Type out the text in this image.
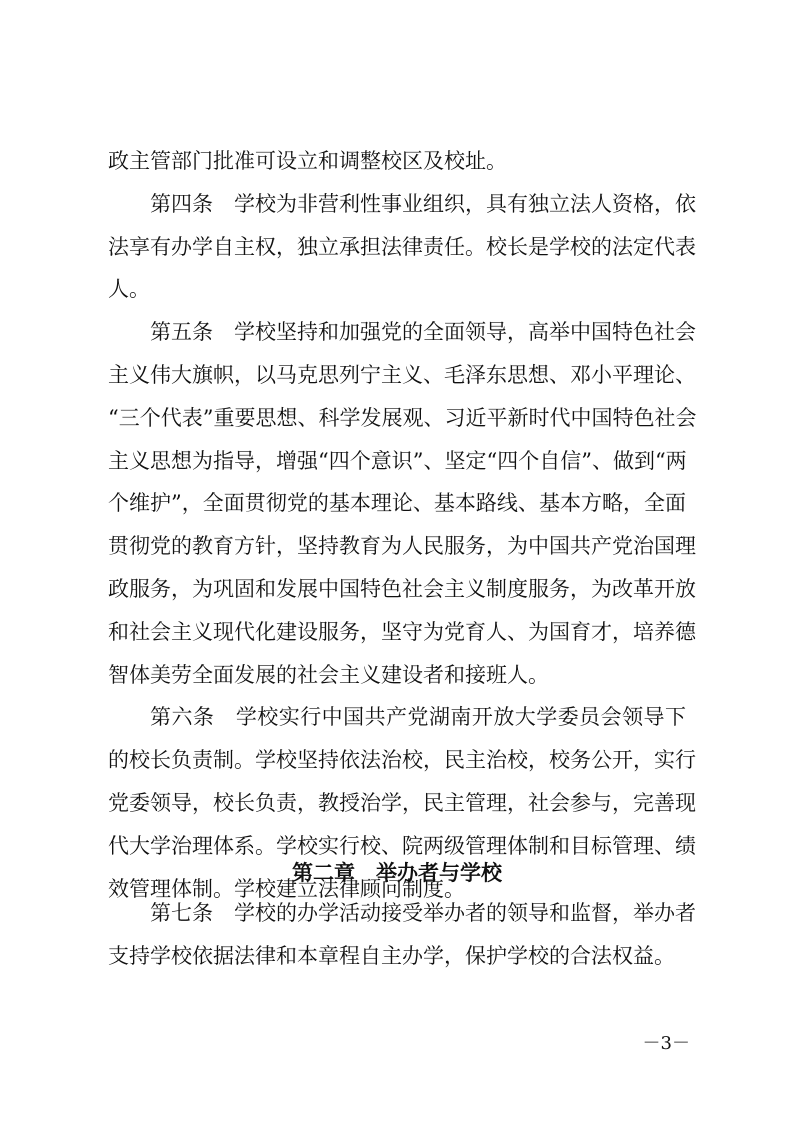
政主管部门批准可设立和调整校区及校址。
第四条　学校为非营利性事业组织，具有独立法人资格，依
法享有办学自主权，独立承担法律责任。校长是学校的法定代表
人。
第五条　学校坚持和加强党的全面领导，高举中国特色社会
主义伟大旗帜，以马克思列宁主义、毛泽东思想、邓小平理论、
“三个代表”重要思想、科学发展观、习近平新时代中国特色社会
主义思想为指导，增强“四个意识”、坚定“四个自信”、做到“两
个维护”，全面贯彻党的基本理论、基本路线、基本方略，全面
贯彻党的教育方针，坚持教育为人民服务，为中国共产党治国理
政服务，为巩固和发展中国特色社会主义制度服务，为改革开放
和社会主义现代化建设服务，坚守为党育人、为国育才，培养德
智体美劳全面发展的社会主义建设者和接班人。
第六条　学校实行中国共产党湖南开放大学委员会领导下
的校长负责制。学校坚持依法治校，民主治校，校务公开，实行
党委领导，校长负责，教授治学，民主管理，社会参与，完善现
代大学治理体系。学校实行校、院两级管理体制和目标管理、绩
效管理体制。学校建立法律顾问制度。
第二章　举办者与学校
第七条　学校的办学活动接受举办者的领导和监督，举办者
支持学校依据法律和本章程自主办学，保护学校的合法权益。
－3－
